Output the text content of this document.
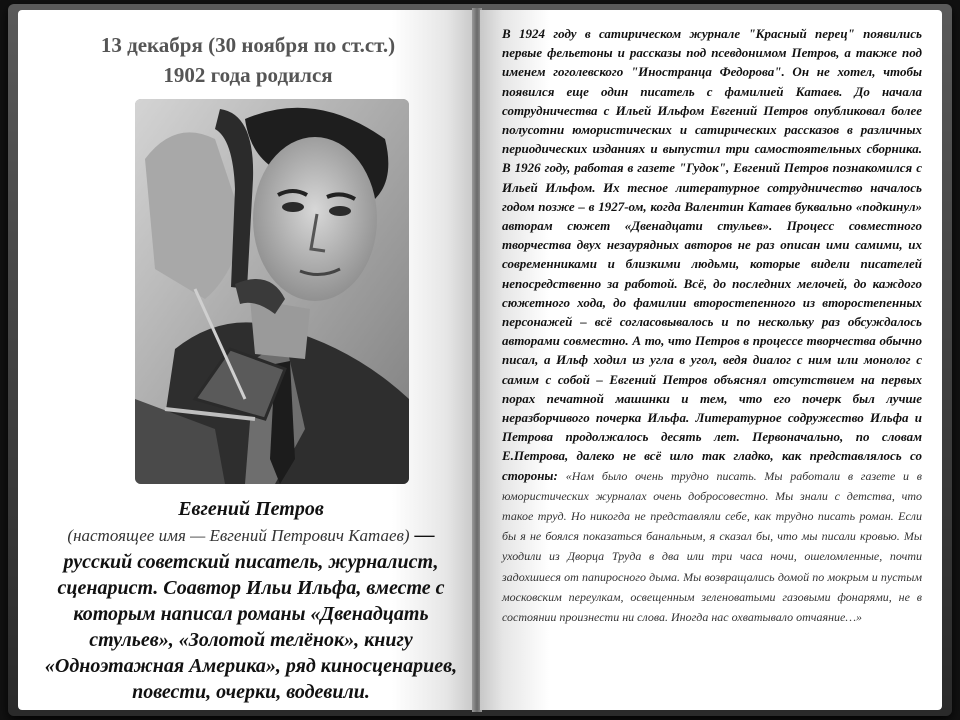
13 декабря (30 ноября по ст.ст.)
1902 года родился
Евгений Петров
(настоящее имя — Евгений Петрович Катаев) — русский советский писатель, журналист, сценарист. Соавтор Ильи Ильфа, вместе с которым написал романы «Двенадцать стульев», «Золотой телёнок», книгу «Одноэтажная Америка», ряд киносценариев, повести, очерки, водевили.

В 1924 году в сатирическом журнале "Красный перец" появились первые фельетоны и рассказы под псевдонимом Петров, а также под именем гоголевского "Иностранца Федорова". Он не хотел, чтобы появился еще один писатель с фамилией Катаев. До начала сотрудничества с Ильей Ильфом Евгений Петров опубликовал более полусотни юмористических и сатирических рассказов в различных периодических изданиях и выпустил три самостоятельных сборника. В 1926 году, работая в газете "Гудок", Евгений Петров познакомился с Ильей Ильфом. Их тесное литературное сотрудничество началось годом позже – в 1927-ом, когда Валентин Катаев буквально «подкинул» авторам сюжет «Двенадцати стульев». Процесс совместного творчества двух незаурядных авторов не раз описан ими самими, их современниками и близкими людьми, которые видели писателей непосредственно за работой. Всё, до последних мелочей, до каждого сюжетного хода, до фамилии второстепенного из второстепенных персонажей – всё согласовывалось и по нескольку раз обсуждалось авторами совместно. А то, что Петров в процессе творчества обычно писал, а Ильф ходил из угла в угол, ведя диалог с ним или монолог с самим с собой – Евгений Петров объяснял отсутствием на первых порах печатной машинки и тем, что его почерк был лучше неразборчивого почерка Ильфа. Литературное содружество Ильфа и Петрова продолжалось десять лет. Первоначально, по словам Е.Петрова, далеко не всё шло так гладко, как представлялось со стороны: «Нам было очень трудно писать. Мы работали в газете и в юмористических журналах очень добросовестно. Мы знали с детства, что такое труд. Но никогда не представляли себе, как трудно писать роман. Если бы я не боялся показаться банальным, я сказал бы, что мы писали кровью. Мы уходили из Дворца Труда в два или три часа ночи, ошеломленные, почти задохшиеся от папиросного дыма. Мы возвращались домой по мокрым и пустым московским переулкам, освещенным зеленоватыми газовыми фонарями, не в состоянии произнести ни слова. Иногда нас охватывало отчаяние…»
